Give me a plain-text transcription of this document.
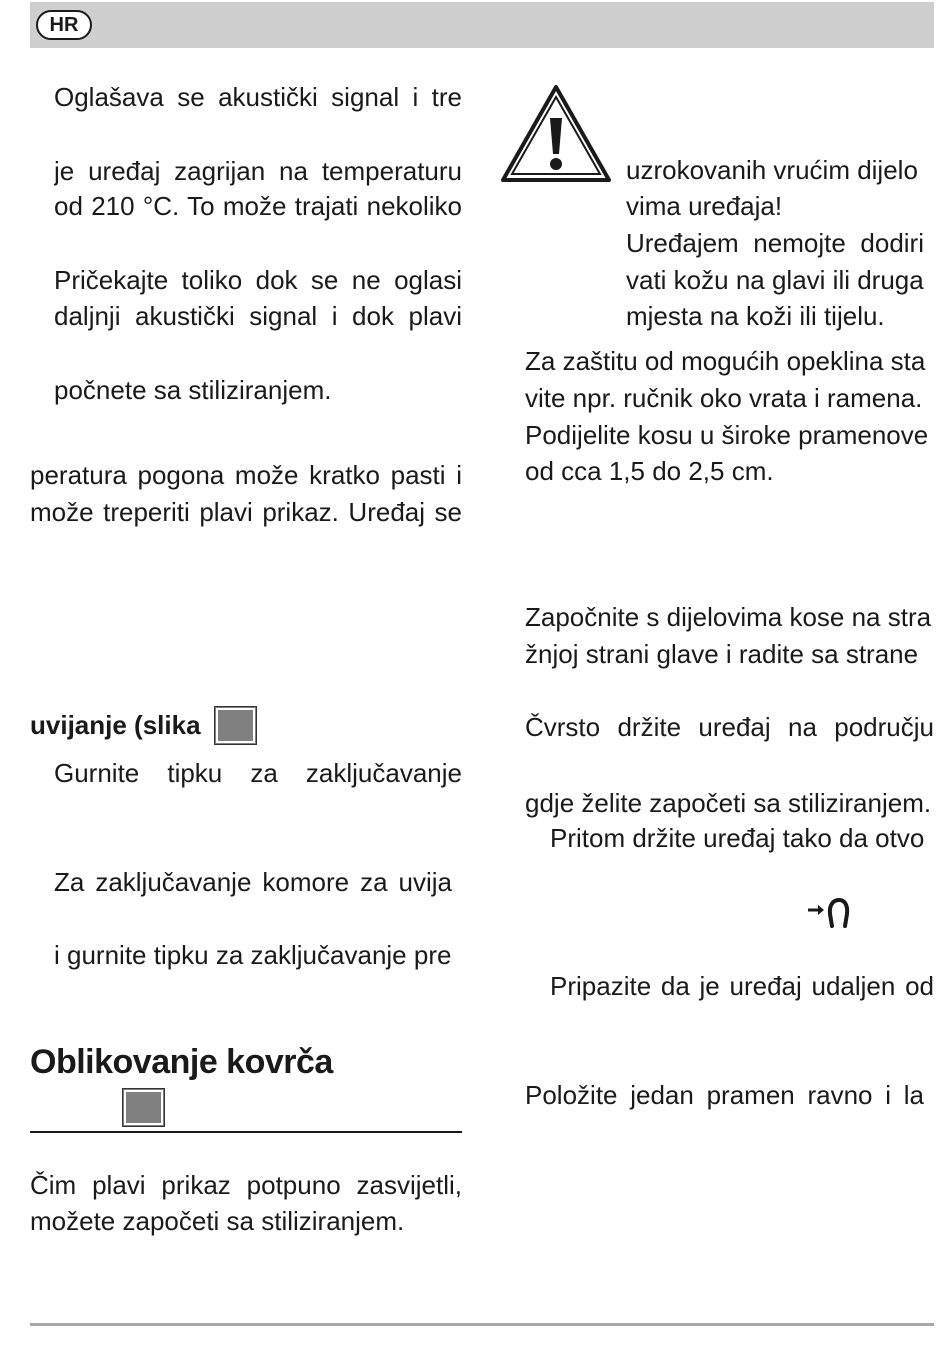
HR
Oglašava se akustički signal i tre
je uređaj zagrijan na temperaturu
od 210 °C. To može trajati nekoliko
Pričekajte toliko dok se ne oglasi
daljnji akustički signal i dok plavi
počnete sa stiliziranjem.
peratura pogona može kratko pasti i
može treperiti plavi prikaz. Uređaj se
uvijanje (slika
Gurnite tipku za zaključavanje
Za zaključavanje komore za uvija
i gurnite tipku za zaključavanje pre
Oblikovanje kovrča
Čim plavi prikaz potpuno zasvijetli,
možete započeti sa stiliziranjem.
uzrokovanih vrućim dijelo
vima uređaja!
Uređajem nemojte dodiri
vati kožu na glavi ili druga
mjesta na koži ili tijelu.
Za zaštitu od mogućih opeklina sta
vite npr. ručnik oko vrata i ramena.
Podijelite kosu u široke pramenove
od cca 1,5 do 2,5 cm.
Započnite s dijelovima kose na stra
žnjoj strani glave i radite sa strane
Čvrsto držite uređaj na području
gdje želite započeti sa stiliziranjem.
Pritom držite uređaj tako da otvo
Pripazite da je uređaj udaljen od
Položite jedan pramen ravno i la
